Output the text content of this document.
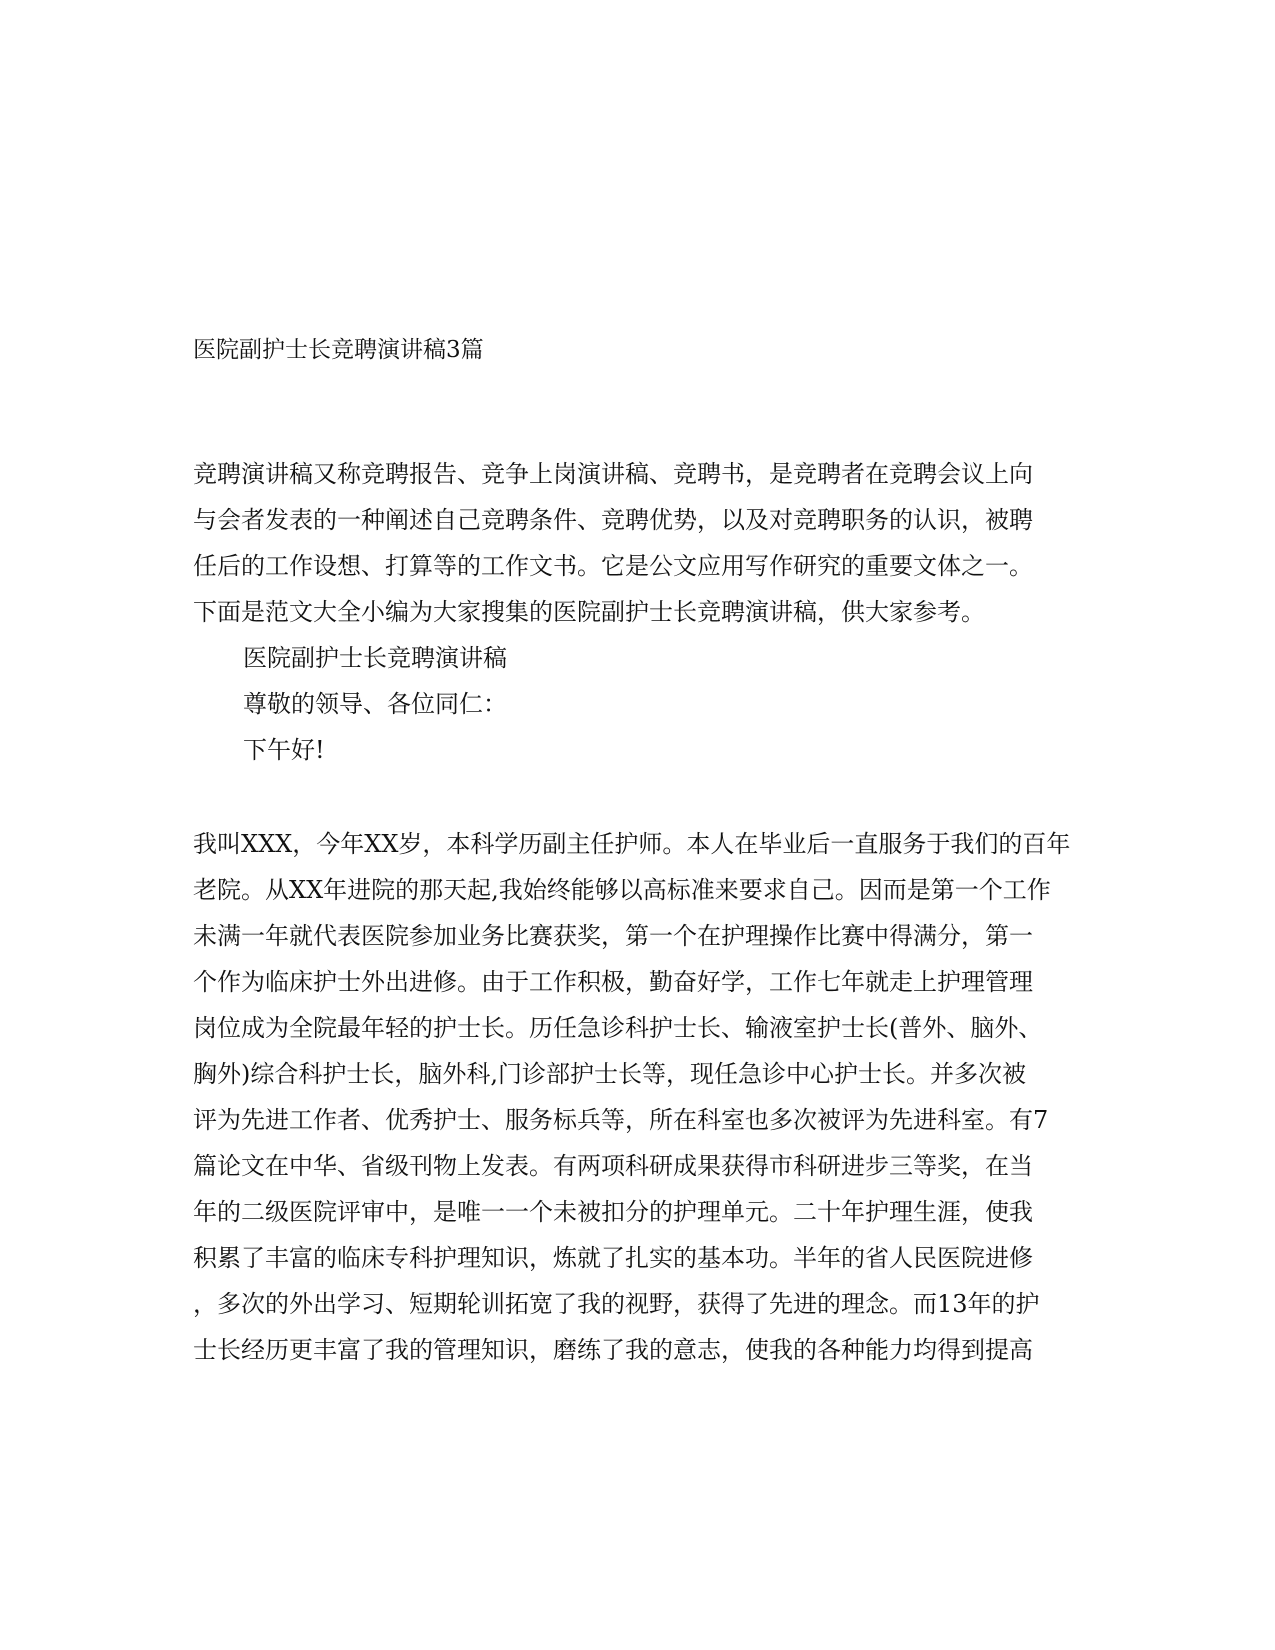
医院副护士长竞聘演讲稿3篇
竞聘演讲稿又称竞聘报告、竞争上岗演讲稿、竞聘书，是竞聘者在竞聘会议上向
与会者发表的一种阐述自己竞聘条件、竞聘优势，以及对竞聘职务的认识，被聘
任后的工作设想、打算等的工作文书。它是公文应用写作研究的重要文体之一。
下面是范文大全小编为大家搜集的医院副护士长竞聘演讲稿，供大家参考。
医院副护士长竞聘演讲稿
尊敬的领导、各位同仁：
下午好!
我叫XXX，今年XX岁，本科学历副主任护师。本人在毕业后一直服务于我们的百年
老院。从XX年进院的那天起,我始终能够以高标准来要求自己。因而是第一个工作
未满一年就代表医院参加业务比赛获奖，第一个在护理操作比赛中得满分，第一
个作为临床护士外出进修。由于工作积极，勤奋好学，工作七年就走上护理管理
岗位成为全院最年轻的护士长。历任急诊科护士长、输液室护士长(普外、脑外、
胸外)综合科护士长，脑外科,门诊部护士长等，现任急诊中心护士长。并多次被
评为先进工作者、优秀护士、服务标兵等，所在科室也多次被评为先进科室。有7
篇论文在中华、省级刊物上发表。有两项科研成果获得市科研进步三等奖，在当
年的二级医院评审中，是唯一一个未被扣分的护理单元。二十年护理生涯，使我
积累了丰富的临床专科护理知识，炼就了扎实的基本功。半年的省人民医院进修
，多次的外出学习、短期轮训拓宽了我的视野，获得了先进的理念。而13年的护
士长经历更丰富了我的管理知识，磨练了我的意志，使我的各种能力均得到提高
